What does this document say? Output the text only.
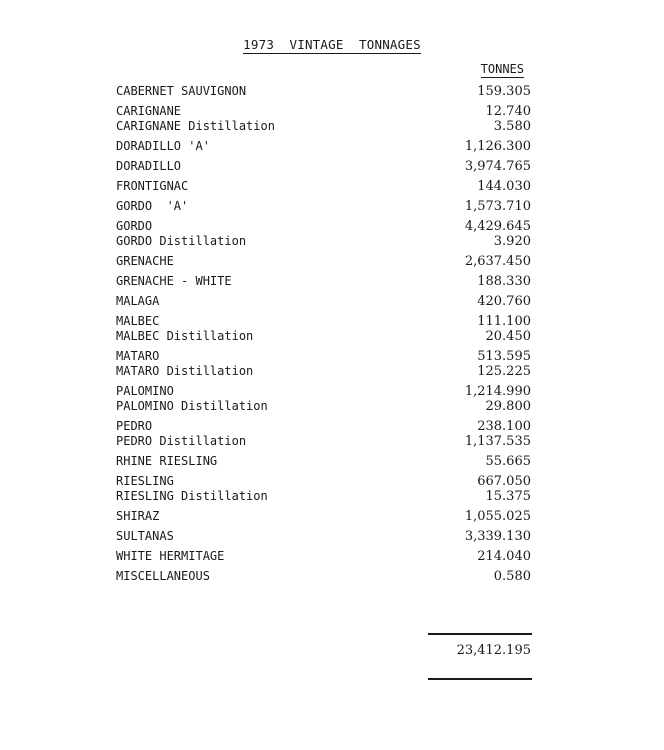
1973  VINTAGE  TONNAGES
TONNES
CABERNET SAUVIGNON	159.305
CARIGNANE	12.740
CARIGNANE Distillation	3.580
DORADILLO 'A'	1,126.300
DORADILLO	3,974.765
FRONTIGNAC	144.030
GORDO  'A'	1,573.710
GORDO	4,429.645
GORDO Distillation	3.920
GRENACHE	2,637.450
GRENACHE - WHITE	188.330
MALAGA	420.760
MALBEC	111.100
MALBEC Distillation	20.450
MATARO	513.595
MATARO Distillation	125.225
PALOMINO	1,214.990
PALOMINO Distillation	29.800
PEDRO	238.100
PEDRO Distillation	1,137.535
RHINE RIESLING	55.665
RIESLING	667.050
RIESLING Distillation	15.375
SHIRAZ	1,055.025
SULTANAS	3,339.130
WHITE HERMITAGE	214.040
MISCELLANEOUS	0.580
23,412.195
